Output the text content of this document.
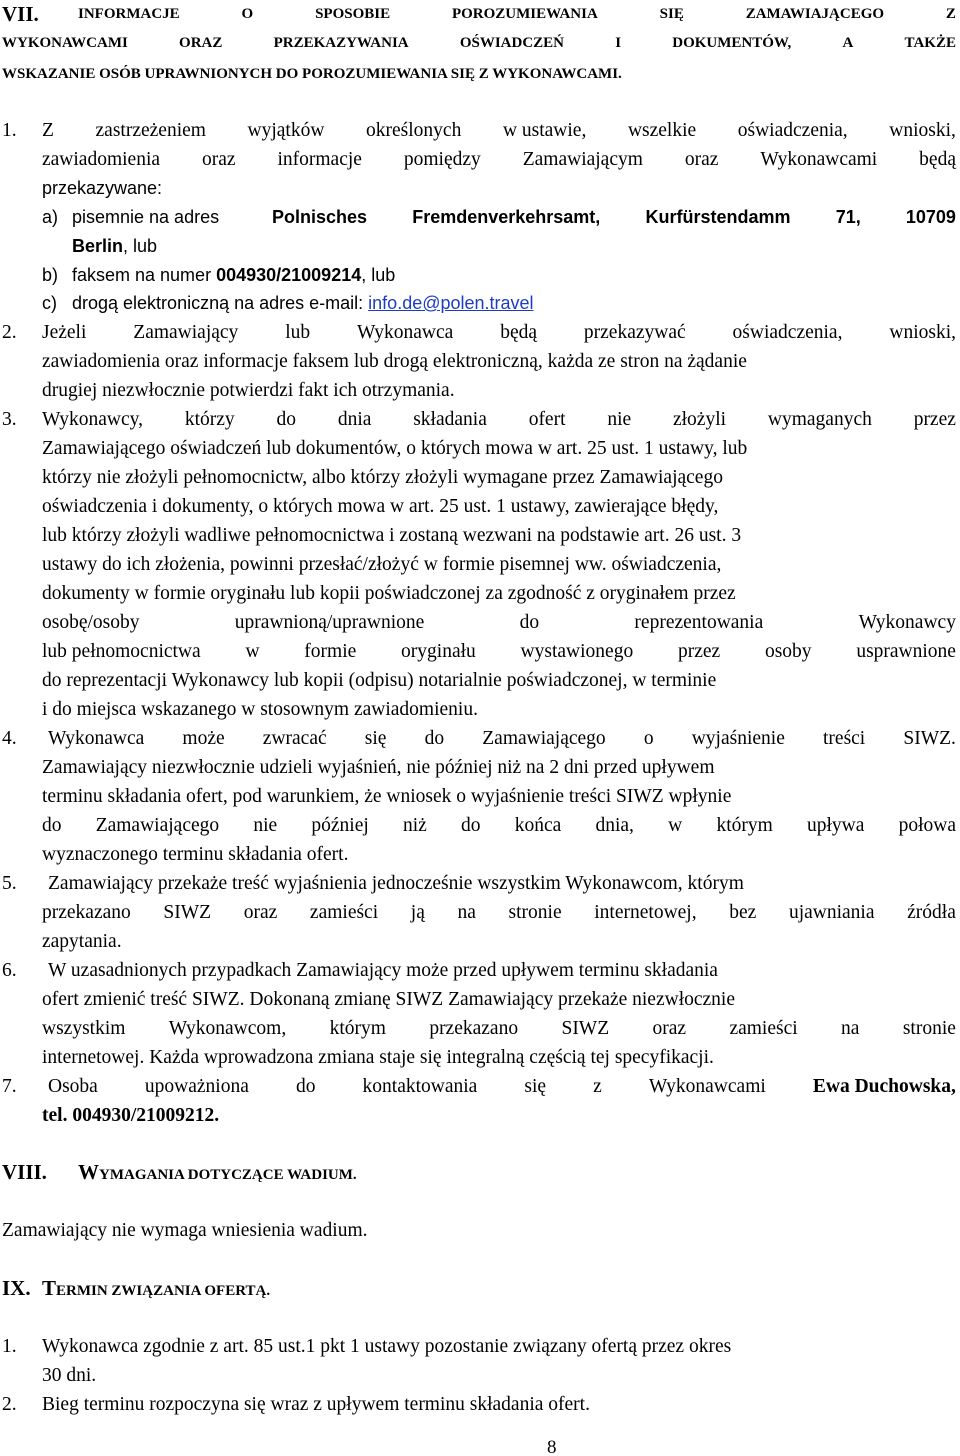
VII.	INFORMACJE	O	SPOSOBIE	POROZUMIEWANIA	SIĘ	ZAMAWIAJĄCEGO	Z
WYKONAWCAMI	ORAZ	PRZEKAZYWANIA	OŚWIADCZEŃ	I	DOKUMENTÓW,	A	TAKŻE
WSKAZANIE OSÓB UPRAWNIONYCH DO POROZUMIEWANIA SIĘ Z WYKONAWCAMI.
1. Z zastrzeżeniem wyjątków określonych w ustawie, wszelkie oświadczenia, wnioski,
zawiadomienia oraz informacje pomiędzy Zamawiającym oraz Wykonawcami będą
przekazywane:
a) pisemnie na adres	Polnisches	Fremdenverkehrsamt,	Kurfürstendamm	71,	10709
Berlin, lub
b) faksem na numer 004930/21009214, lub
c) drogą elektroniczną na adres e-mail: info.de@polen.travel
2. Jeżeli Zamawiający lub Wykonawca będą przekazywać oświadczenia, wnioski,
zawiadomienia oraz informacje faksem lub drogą elektroniczną, każda ze stron na żądanie
drugiej niezwłocznie potwierdzi fakt ich otrzymania.
3. Wykonawcy, którzy do dnia składania ofert nie złożyli wymaganych przez
Zamawiającego oświadczeń lub dokumentów, o których mowa w art. 25 ust. 1 ustawy, lub
którzy nie złożyli pełnomocnictw, albo którzy złożyli wymagane przez Zamawiającego
oświadczenia i dokumenty, o których mowa w art. 25 ust. 1 ustawy, zawierające błędy,
lub którzy złożyli wadliwe pełnomocnictwa i zostaną wezwani na podstawie art. 26 ust. 3
ustawy do ich złożenia, powinni przesłać/złożyć w formie pisemnej ww. oświadczenia,
dokumenty w formie oryginału lub kopii poświadczonej za zgodność z oryginałem przez
osobę/osoby	uprawnioną/uprawnione	do	reprezentowania	Wykonawcy
lub pełnomocnictwa w formie oryginału wystawionego przez osoby usprawnione
do reprezentacji Wykonawcy lub kopii (odpisu) notarialnie poświadczonej, w terminie
i do miejsca wskazanego w stosownym zawiadomieniu.
4. Wykonawca może zwracać się do Zamawiającego o wyjaśnienie treści SIWZ.
Zamawiający niezwłocznie udzieli wyjaśnień, nie później niż na 2 dni przed upływem
terminu składania ofert, pod warunkiem, że wniosek o wyjaśnienie treści SIWZ wpłynie
do Zamawiającego nie później niż do końca dnia, w którym upływa połowa
wyznaczonego terminu składania ofert.
5. Zamawiający przekaże treść wyjaśnienia jednocześnie wszystkim Wykonawcom, którym
przekazano SIWZ oraz zamieści ją na stronie internetowej, bez ujawniania źródła
zapytania.
6. W uzasadnionych przypadkach Zamawiający może przed upływem terminu składania
ofert zmienić treść SIWZ. Dokonaną zmianę SIWZ Zamawiający przekaże niezwłocznie
wszystkim Wykonawcom, którym przekazano SIWZ oraz zamieści na stronie
internetowej. Każda wprowadzona zmiana staje się integralną częścią tej specyfikacji.
7. Osoba upoważniona do kontaktowania się z Wykonawcami Ewa Duchowska,
tel. 004930/21009212.
VIII. WYMAGANIA DOTYCZĄCE WADIUM.
Zamawiający nie wymaga wniesienia wadium.
IX. TERMIN ZWIĄZANIA OFERTĄ.
1. Wykonawca zgodnie z art. 85 ust.1 pkt 1 ustawy pozostanie związany ofertą przez okres
30 dni.
2. Bieg terminu rozpoczyna się wraz z upływem terminu składania ofert.
8
